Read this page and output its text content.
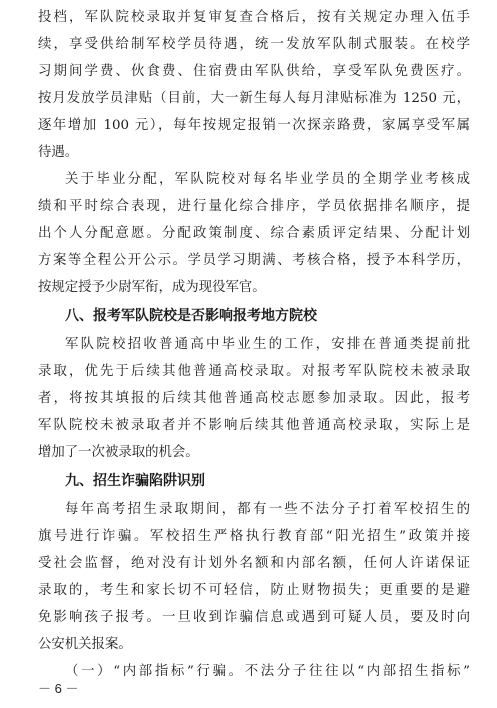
投档，军队院校录取并复审复查合格后，按有关规定办理入伍手
续，享受供给制军校学员待遇，统一发放军队制式服装。在校学
习期间学费、伙食费、住宿费由军队供给，享受军队免费医疗。
按月发放学员津贴（目前，大一新生每人每月津贴标准为 1250 元，
逐年增加 100 元），每年按规定报销一次探亲路费，家属享受军属
待遇。
关于毕业分配，军队院校对每名毕业学员的全期学业考核成
绩和平时综合表现，进行量化综合排序，学员依据排名顺序，提
出个人分配意愿。分配政策制度、综合素质评定结果、分配计划
方案等全程公开公示。学员学习期满、考核合格，授予本科学历，
按规定授予少尉军衔，成为现役军官。
八、报考军队院校是否影响报考地方院校
军队院校招收普通高中毕业生的工作，安排在普通类提前批
录取，优先于后续其他普通高校录取。对报考军队院校未被录取
者，将按其填报的后续其他普通高校志愿参加录取。因此，报考
军队院校未被录取者并不影响后续其他普通高校录取，实际上是
增加了一次被录取的机会。
九、招生诈骗陷阱识别
每年高考招生录取期间，都有一些不法分子打着军校招生的
旗号进行诈骗。军校招生严格执行教育部“阳光招生”政策并接
受社会监督，绝对没有计划外名额和内部名额，任何人许诺保证
录取的，考生和家长切不可轻信，防止财物损失；更重要的是避
免影响孩子报考。一旦收到诈骗信息或遇到可疑人员，要及时向
公安机关报案。
（一）“内部指标”行骗。不法分子往往以“内部招生指标”
－ 6 －
